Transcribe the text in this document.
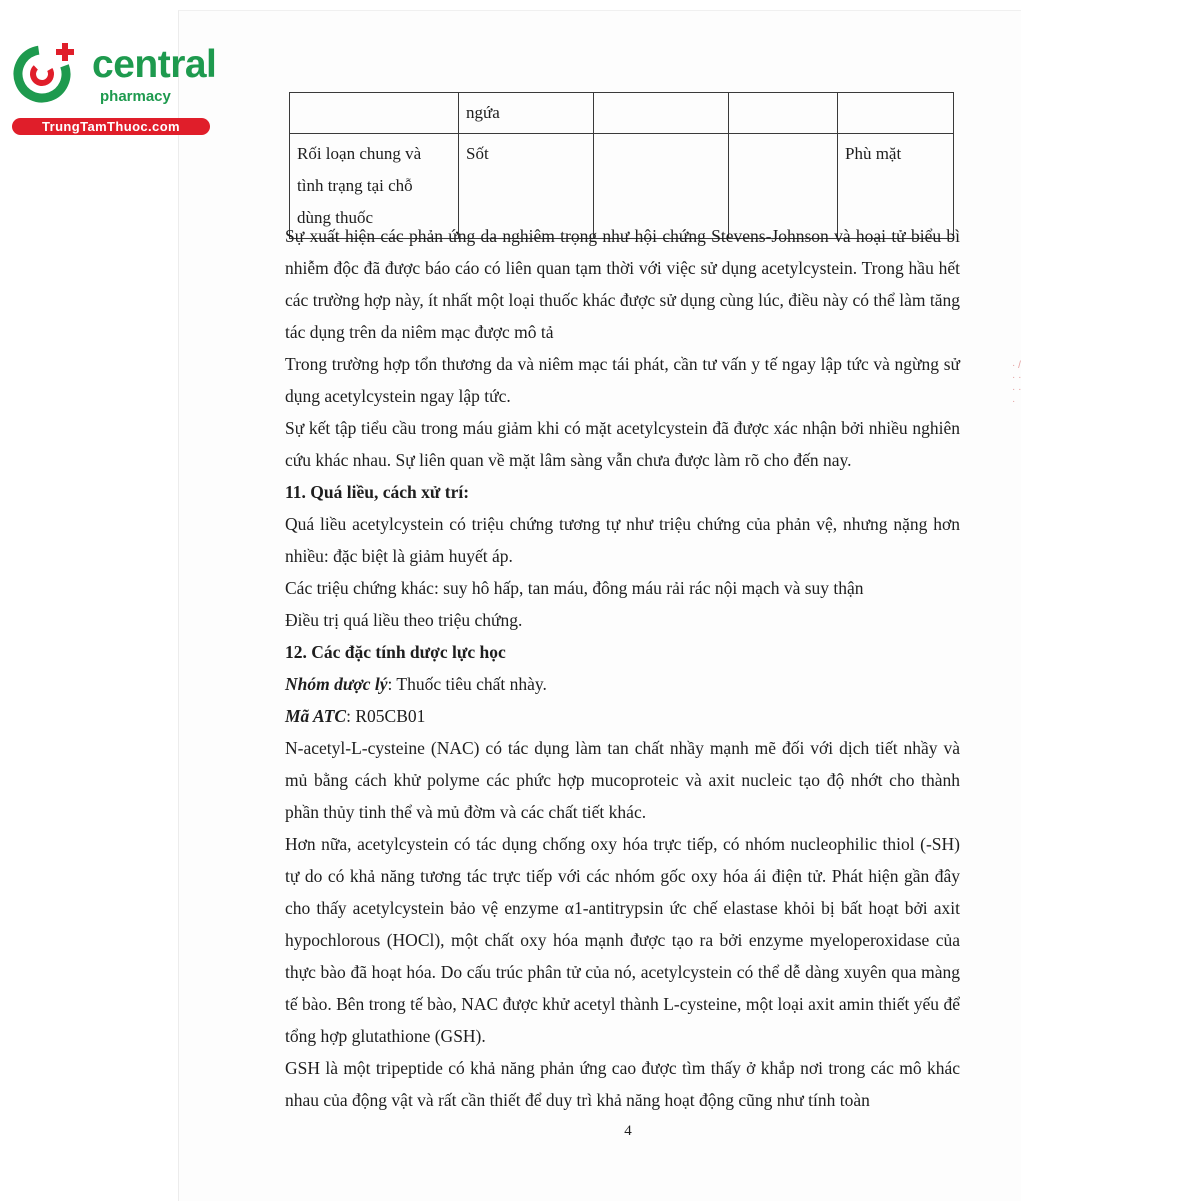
central
pharmacy
TrungTamThuoc.com
	ngứa			

Rối loạn chung và
tình trạng tại chỗ
dùng thuốc	Sốt			Phù mặt

Sự xuất hiện các phản ứng da nghiêm trọng như hội chứng Stevens-Johnson và hoại tử biểu bì nhiễm độc đã được báo cáo có liên quan tạm thời với việc sử dụng acetylcystein. Trong hầu hết các trường hợp này, ít nhất một loại thuốc khác được sử dụng cùng lúc, điều này có thể làm tăng tác dụng trên da niêm mạc được mô tả

Trong trường hợp tổn thương da và niêm mạc tái phát, cần tư vấn y tế ngay lập tức và ngừng sử dụng acetylcystein ngay lập tức.

Sự kết tập tiểu cầu trong máu giảm khi có mặt acetylcystein đã được xác nhận bởi nhiều nghiên cứu khác nhau. Sự liên quan về mặt lâm sàng vẫn chưa được làm rõ cho đến nay.

11. Quá liều, cách xử trí:

Quá liều acetylcystein có triệu chứng tương tự như triệu chứng của phản vệ, nhưng nặng hơn nhiều: đặc biệt là giảm huyết áp.

Các triệu chứng khác: suy hô hấp, tan máu, đông máu rải rác nội mạch và suy thận

Điều trị quá liều theo triệu chứng.

12. Các đặc tính dược lực học

Nhóm dược lý: Thuốc tiêu chất nhày.

Mã ATC: R05CB01

N-acetyl-L-cysteine (NAC) có tác dụng làm tan chất nhầy mạnh mẽ đối với dịch tiết nhầy và mủ bằng cách khử polyme các phức hợp mucoproteic và axit nucleic tạo độ nhớt cho thành phần thủy tinh thể và mủ đờm và các chất tiết khác.

Hơn nữa, acetylcystein có tác dụng chống oxy hóa trực tiếp, có nhóm nucleophilic thiol (-SH) tự do có khả năng tương tác trực tiếp với các nhóm gốc oxy hóa ái điện tử. Phát hiện gần đây cho thấy acetylcystein bảo vệ enzyme α1-antitrypsin ức chế elastase khỏi bị bất hoạt bởi axit hypochlorous (HOCl), một chất oxy hóa mạnh được tạo ra bởi enzyme myeloperoxidase của thực bào đã hoạt hóa. Do cấu trúc phân tử của nó, acetylcystein có thể dễ dàng xuyên qua màng tế bào. Bên trong tế bào, NAC được khử acetyl thành L-cysteine, một loại axit amin thiết yếu để tổng hợp glutathione (GSH).

GSH là một tripeptide có khả năng phản ứng cao được tìm thấy ở khắp nơi trong các mô khác nhau của động vật và rất cần thiết để duy trì khả năng hoạt động cũng như tính toàn

4
· / · · · · ·
